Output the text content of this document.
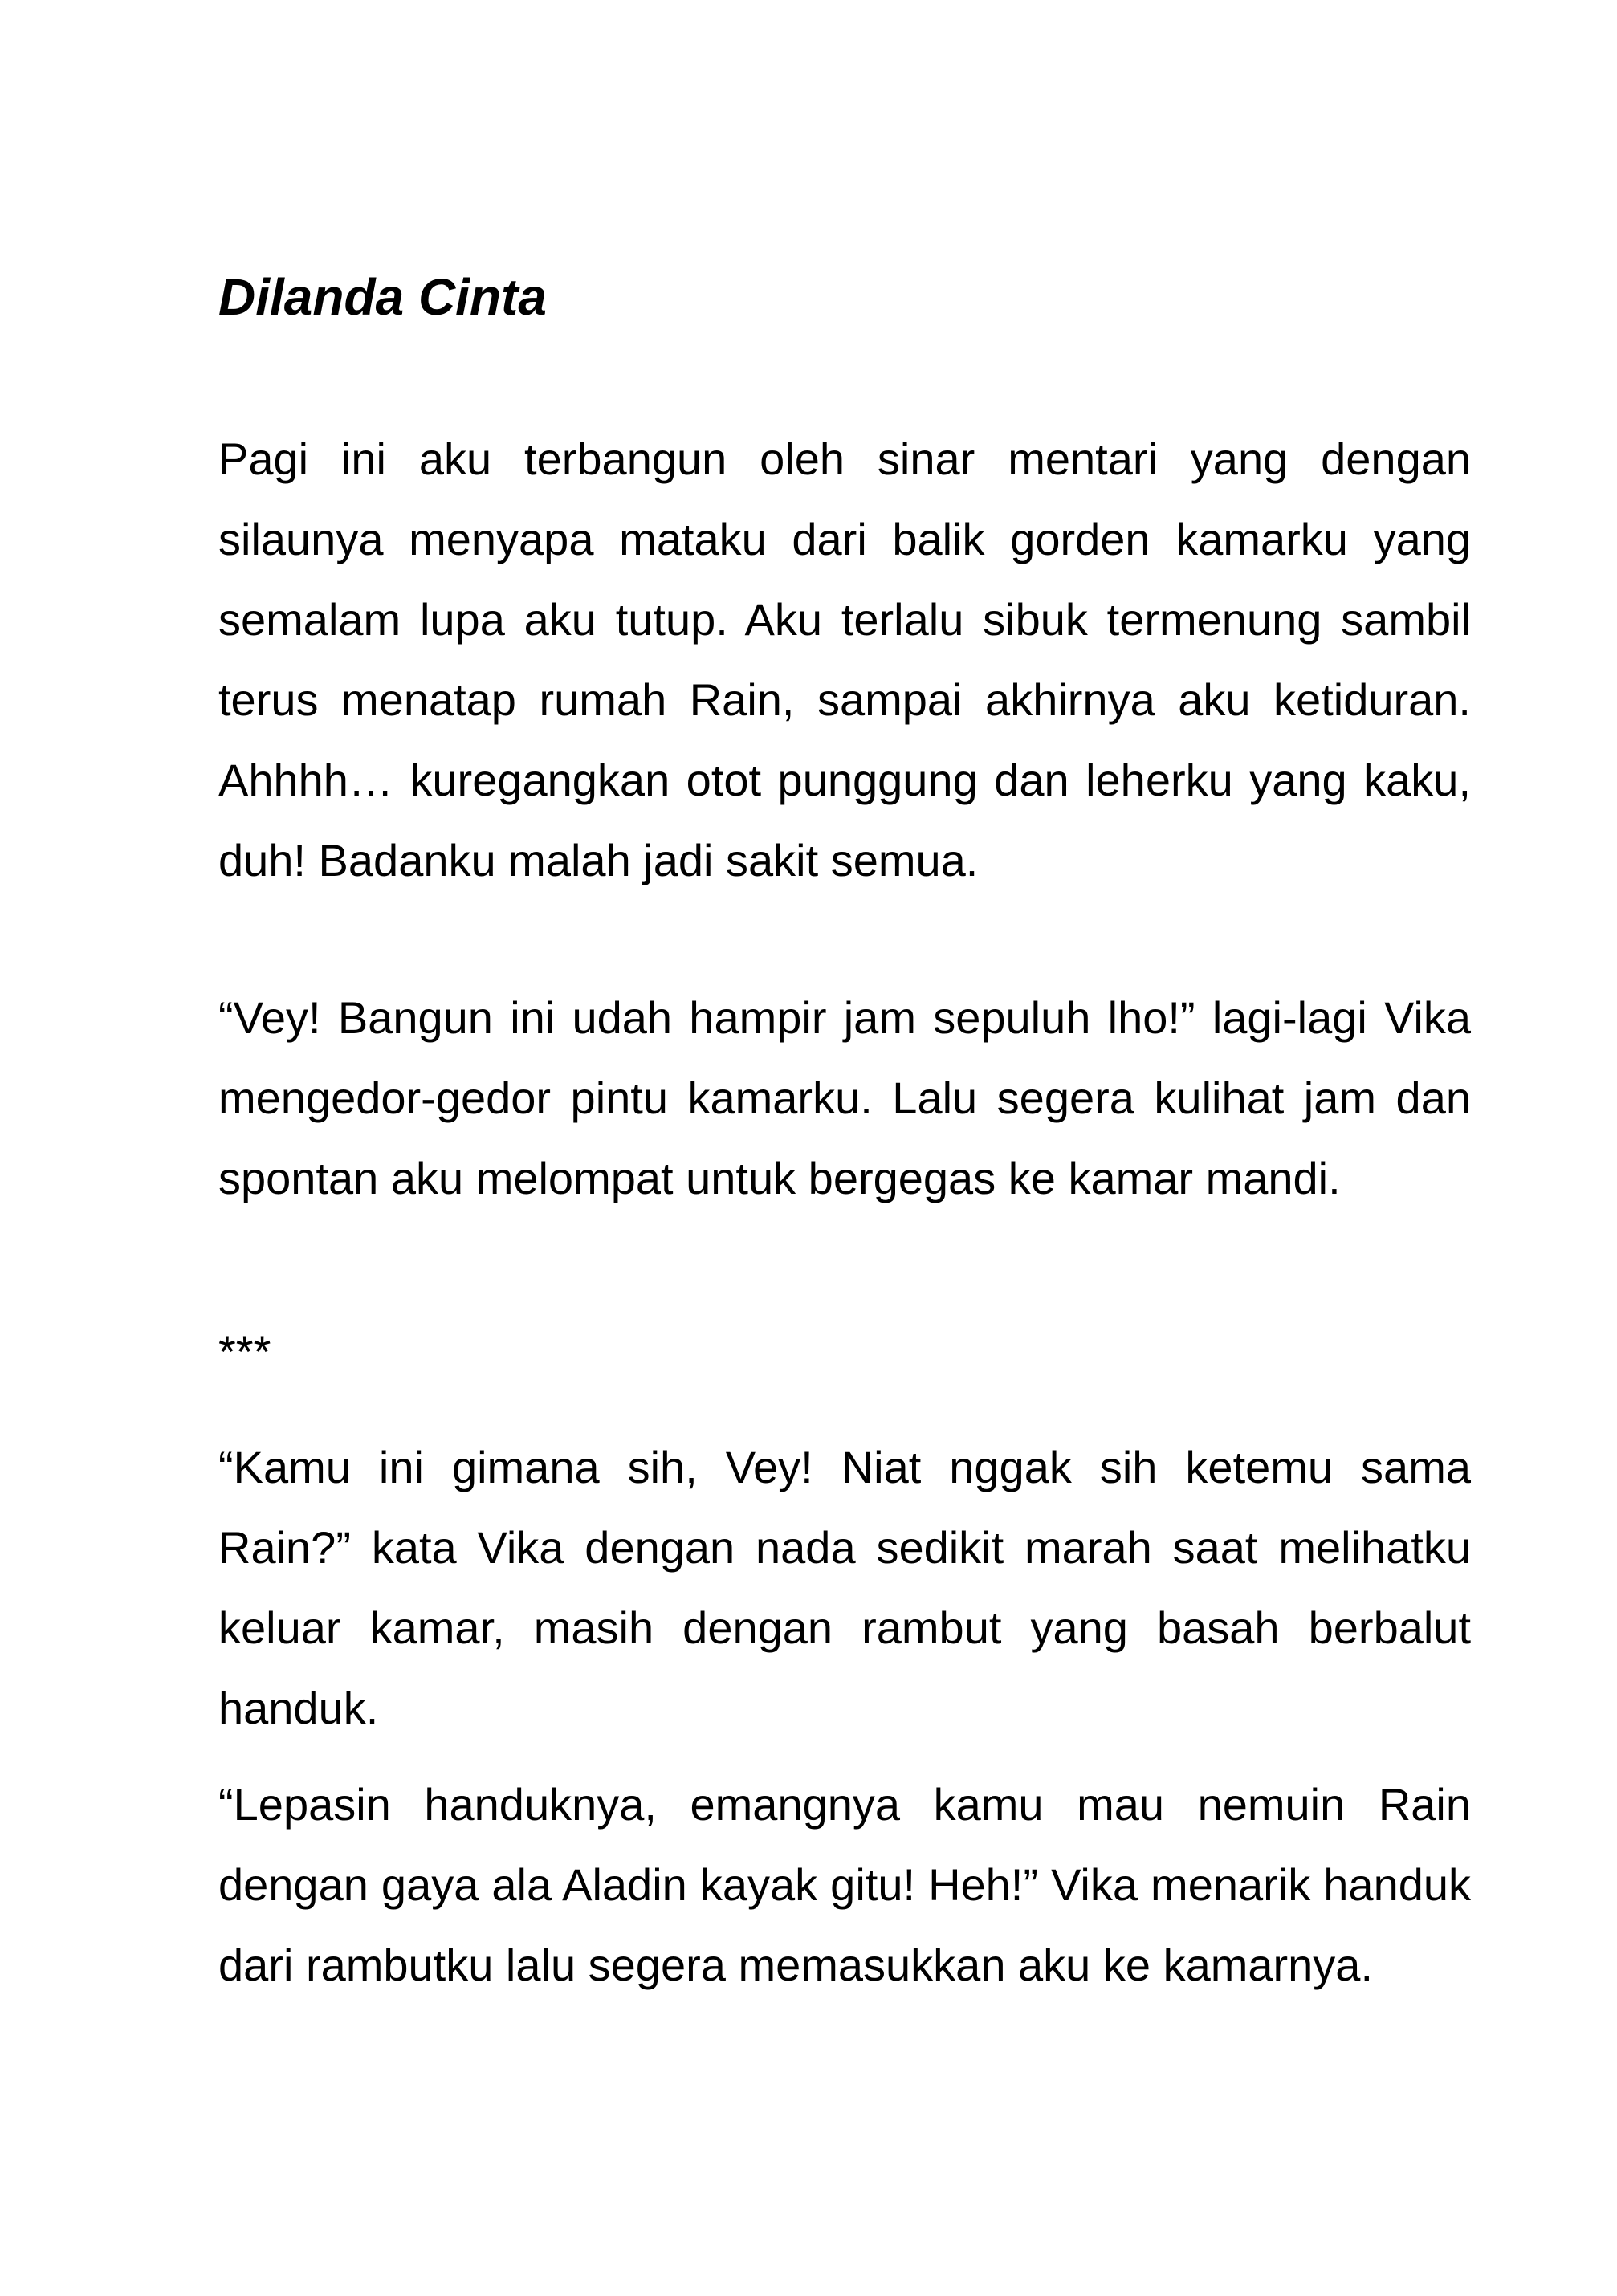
Dilanda Cinta

Pagi ini aku terbangun oleh sinar mentari yang dengan silaunya menyapa mataku dari balik gorden kamarku yang semalam lupa aku tutup. Aku terlalu sibuk termenung sambil terus menatap rumah Rain, sampai akhirnya aku ketiduran. Ahhhh… kuregangkan otot punggung dan leherku yang kaku, duh! Badanku malah jadi sakit semua.

“Vey! Bangun ini udah hampir jam sepuluh lho!” lagi-lagi Vika mengedor-gedor pintu kamarku. Lalu segera kulihat jam dan spontan aku melompat untuk bergegas ke kamar mandi.

***

“Kamu ini gimana sih, Vey! Niat nggak sih ketemu sama Rain?” kata Vika dengan nada sedikit marah saat melihatku keluar kamar, masih dengan rambut yang basah berbalut handuk.

“Lepasin handuknya, emangnya kamu mau nemuin Rain dengan gaya ala Aladin kayak gitu! Heh!” Vika menarik handuk dari rambutku lalu segera memasukkan aku ke kamarnya.
